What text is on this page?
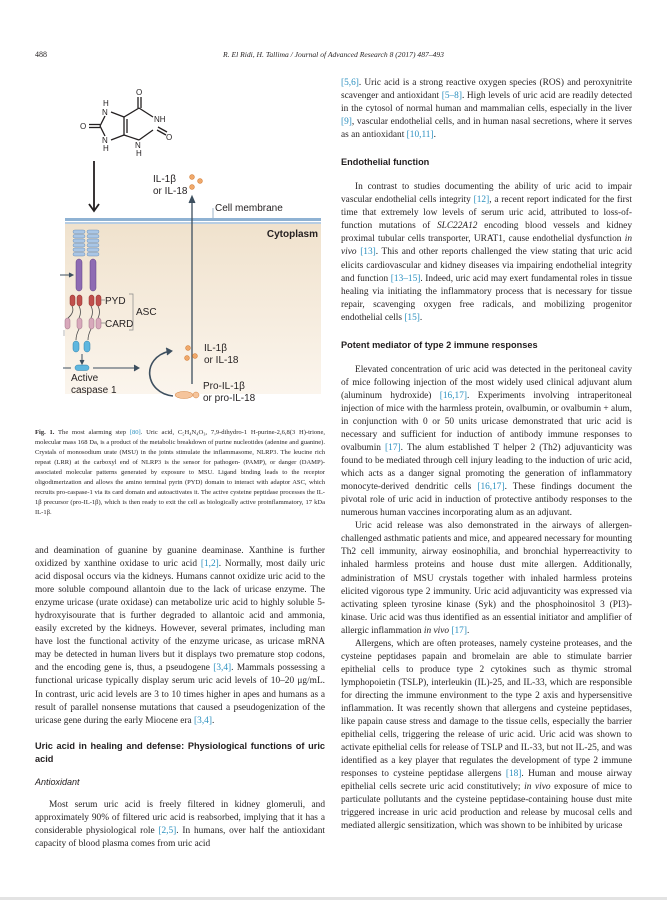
488	R. El Ridi, H. Tallima / Journal of Advanced Research 8 (2017) 487–493
O
NH
O
O
H
N
N
H	N
H
IL-1β
or IL-18
Cell membrane
Cytoplasm
PYD
CARD
ASC
Active
caspase 1
IL-1β
or IL-18
Pro-IL-1β
or pro-IL-18
Fig. 1. The most alarming step [80]. Uric acid, C₅H₄N₄O₃, 7,9-dihydro-1 H-purine-2,6,8(3 H)-trione, molecular mass 168 Da, is a product of the metabolic breakdown of purine nucleotides (adenine and guanine). Crystals of monosodium urate (MSU) in the joints stimulate the inflammasome, NLRP3. The leucine rich repeat (LRR) at the carboxyl end of NLRP3 is the sensor for pathogen- (PAMP), or danger (DAMP)-associated molecular patterns generated by exposure to MSU. Ligand binding leads to the receptor oligodimerization and allows the amino terminal pyrin (PYD) domain to interact with adaptor ASC, which recruits pro-caspase-1 via its card domain and autoactivates it. The active cysteine peptidase processes the IL-1β precursor (pro-IL-1β), which is then ready to exit the cell as biologically active proinflammatory, 17 kDa IL-1β.

and deamination of guanine by guanine deaminase. Xanthine is further oxidized by xanthine oxidase to uric acid [1,2]. Normally, most daily uric acid disposal occurs via the kidneys. Humans cannot oxidize uric acid to the more soluble compound allantoin due to the lack of uricase enzyme. The enzyme uricase (urate oxidase) can metabolize uric acid to highly soluble 5-hydroxyisourate that is further degraded to allantoic acid and ammonia, easily excreted by the kidneys. However, several primates, including man have lost the functional activity of the enzyme uricase, as uricase mRNA may be detected in human livers but it displays two premature stop codons, and the encoding gene is, thus, a pseudogene [3,4]. Mammals possessing a functional uricase typically display serum uric acid levels of 10–20 μg/mL. In contrast, uric acid levels are 3 to 10 times higher in apes and humans as a result of parallel nonsense mutations that caused a pseudogenization of the uricase gene during the early Miocene era [3,4].

Uric acid in healing and defense: Physiological functions of uric acid
Antioxidant

Most serum uric acid is freely filtered in kidney glomeruli, and approximately 90% of filtered uric acid is reabsorbed, implying that it has a considerable physiological role [2,5]. In humans, over half the antioxidant capacity of blood plasma comes from uric acid

[5,6]. Uric acid is a strong reactive oxygen species (ROS) and peroxynitrite scavenger and antioxidant [5–8]. High levels of uric acid are readily detected in the cytosol of normal human and mammalian cells, especially in the liver [9], vascular endothelial cells, and in human nasal secretions, where it serves as an antioxidant [10,11].

Endothelial function

In contrast to studies documenting the ability of uric acid to impair vascular endothelial cells integrity [12], a recent report indicated for the first time that extremely low levels of serum uric acid, attributed to loss-of-function mutations of SLC22A12 encoding blood vessels and kidney proximal tubular cells transporter, URAT1, cause endothelial dysfunction in vivo [13]. This and other reports challenged the view stating that uric acid elicits cardiovascular and kidney diseases via impairing endothelial integrity and function [13–15]. Indeed, uric acid may exert fundamental roles in tissue healing via initiating the inflammatory process that is necessary for tissue repair, scavenging oxygen free radicals, and mobilizing progenitor endothelial cells [15].

Potent mediator of type 2 immune responses

Elevated concentration of uric acid was detected in the peritoneal cavity of mice following injection of the most widely used clinical adjuvant alum (aluminum hydroxide) [16,17]. Experiments involving intraperitoneal injection of mice with the harmless protein, ovalbumin, or ovalbumin + alum, in conjunction with 0 or 50 units uricase demonstrated that uric acid is necessary and sufficient for induction of antibody immune responses to ovalbumin [17]. The alum established T helper 2 (Th2) adjuvanticity was found to be mediated through cell injury leading to the induction of uric acid, which acts as a danger signal promoting the generation of inflammatory monocyte-derived dendritic cells [16,17]. These findings document the pivotal role of uric acid in induction of protective antibody responses to the numerous human vaccines incorporating alum as an adjuvant.

Uric acid release was also demonstrated in the airways of allergen-challenged asthmatic patients and mice, and appeared necessary for mounting Th2 cell immunity, airway eosinophilia, and bronchial hyperreactivity to inhaled harmless proteins and house dust mite allergen. Additionally, administration of MSU crystals together with inhaled harmless proteins elicited vigorous type 2 immunity. Uric acid adjuvanticity was expressed via activating spleen tyrosine kinase (Syk) and the phosphoinositol 3 (PI3)-kinase. Uric acid was thus identified as an essential initiator and amplifier of allergic inflammation in vivo [17].

Allergens, which are often proteases, namely cysteine proteases, and the cysteine peptidases papain and bromelain are able to stimulate barrier epithelial cells to produce type 2 cytokines such as thymic stromal lymphopoietin (TSLP), interleukin (IL)-25, and IL-33, which are responsible for directing the immune environment to the type 2 axis and hypersensitive inflammation. It was recently shown that allergens and cysteine peptidases, like papain cause stress and damage to the tissue cells, especially the barrier epithelial cells, triggering the release of uric acid. Uric acid was shown to activate epithelial cells for release of TSLP and IL-33, but not IL-25, and was identified as a key player that regulates the development of type 2 immune responses to cysteine peptidase allergens [18]. Human and mouse airway epithelial cells secrete uric acid constitutively; in vivo exposure of mice to particulate pollutants and the cysteine peptidase-containing house dust mite triggered increase in uric acid production and release by mucosal cells and mediated allergic sensitization, which was shown to be inhibited by uricase
